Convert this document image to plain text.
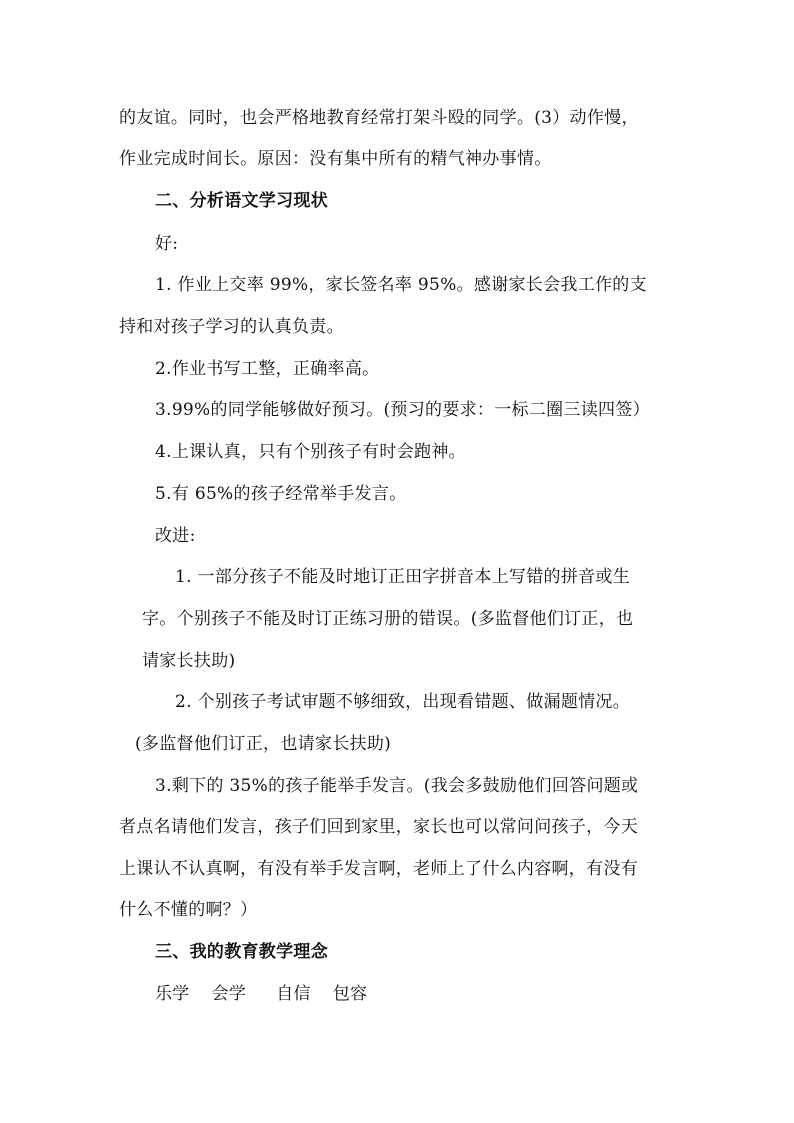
的友谊。同时，也会严格地教育经常打架斗殴的同学。(3）动作慢，
作业完成时间长。原因：没有集中所有的精气神办事情。
二、分析语文学习现状
好:
1. 作业上交率 99%，家长签名率 95%。感谢家长会我工作的支
持和对孩子学习的认真负责。
2.作业书写工整，正确率高。
3.99%的同学能够做好预习。(预习的要求：一标二圈三读四签）
4.上课认真，只有个别孩子有时会跑神。
5.有 65%的孩子经常举手发言。
改进:
1. 一部分孩子不能及时地订正田字拼音本上写错的拼音或生
字。个别孩子不能及时订正练习册的错误。(多监督他们订正，也
请家长扶助)
2. 个别孩子考试审题不够细致，出现看错题、做漏题情况。
(多监督他们订正，也请家长扶助)
3.剩下的 35%的孩子能举手发言。(我会多鼓励他们回答问题或
者点名请他们发言，孩子们回到家里，家长也可以常问问孩子，今天
上课认不认真啊，有没有举手发言啊，老师上了什么内容啊，有没有
什么不懂的啊？）
三、我的教育教学理念
乐学 会学 自信 包容
